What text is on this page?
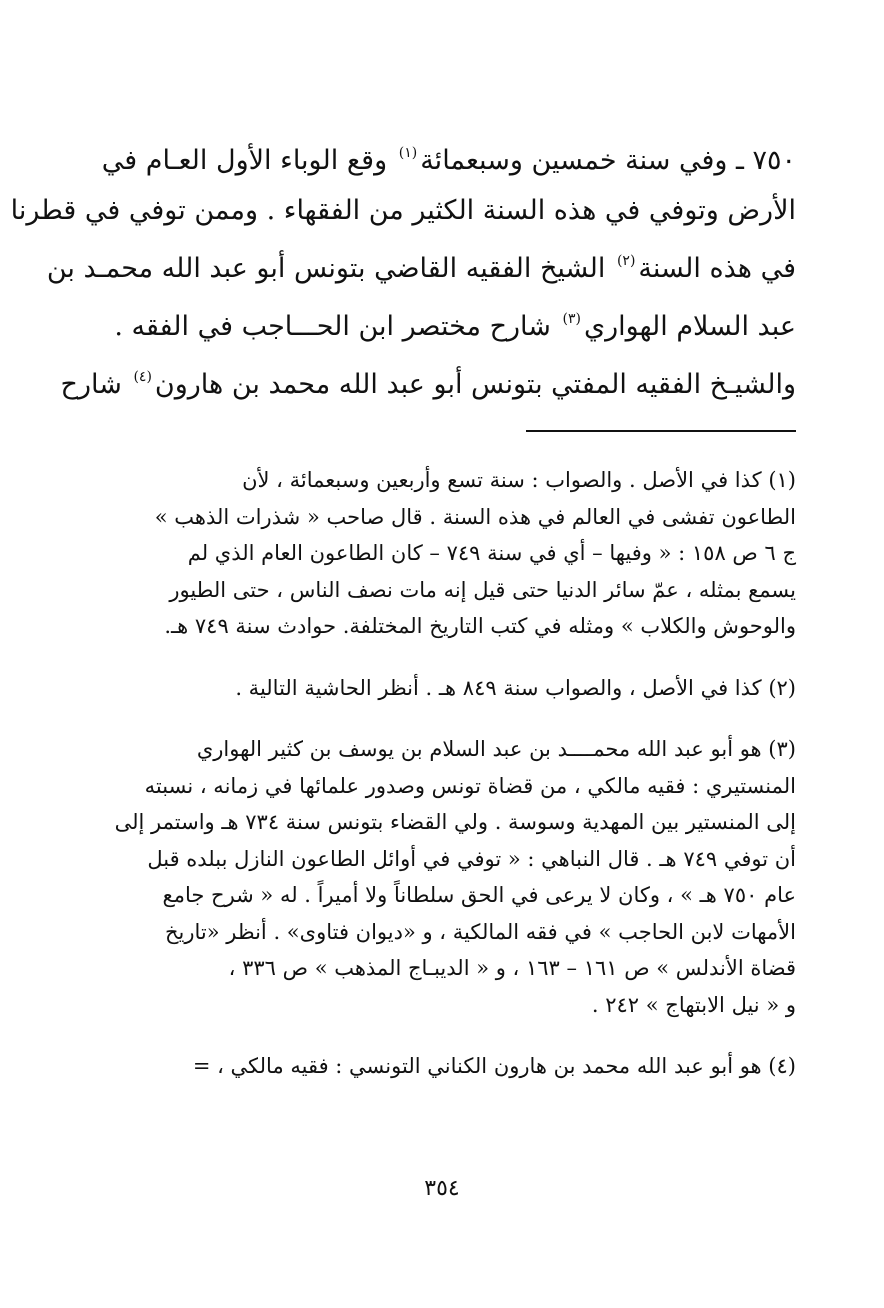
٧٥٠ ـ وفي سنة خمسين وسبعمائة$^{(١)}$ وقع الوباء الأول العـام في
الأرض وتوفي في هذه السنة الكثير من الفقهاء . وممن توفي في قطرنا
في هذه السنة$^{(٢)}$ الشيخ الفقيه القاضي بتونس أبو عبد الله محمـد بن
عبد السلام الهواري$^{(٣)}$ شارح مختصر ابن الحـــاجب في الفقه .
والشيـخ الفقيه المفتي بتونس أبو عبد الله محمد بن هارون$^{(٤)}$ شارح
(١) كذا في الأصل . والصواب : سنة تسع وأربعين وسبعمائة ، لأن
الطاعون تفشى في العالم في هذه السنة . قال صاحب « شذرات الذهب »
ج ٦ ص ١٥٨ : « وفيها – أي في سنة ٧٤٩ – كان الطاعون العام الذي لم
يسمع بمثله ، عمّ سائر الدنيا حتى قيل إنه مات نصف الناس ، حتى الطيور
والوحوش والكلاب » ومثله في كتب التاريخ المختلفة. حوادث سنة ٧٤٩ هـ.
(٢) كذا في الأصل ، والصواب سنة ٨٤٩ هـ . أنظر الحاشية التالية .
(٣) هو أبو عبد الله محمــــد بن عبد السلام بن يوسف بن كثير الهواري
المنستيري : فقيه مالكي ، من قضاة تونس وصدور علمائها في زمانه ، نسبته
إلى المنستير بين المهدية وسوسة . ولي القضاء بتونس سنة ٧٣٤ هـ واستمر إلى
أن توفي ٧٤٩ هـ . قال النباهي : « توفي في أوائل الطاعون النازل ببلده قبل
عام ٧٥٠ هـ » ، وكان لا يرعى في الحق سلطاناً ولا أميراً . له « شرح جامع
الأمهات لابن الحاجب » في فقه المالكية ، و «ديوان فتاوى» . أنظر «تاريخ
قضاة الأندلس » ص ١٦١ – ١٦٣ ، و « الديبـاج المذهب » ص ٣٣٦ ،
و « نيل الابتهاج » ٢٤٢ .
(٤) هو أبو عبد الله محمد بن هارون الكناني التونسي : فقيه مالكي ، =
٣٥٤
